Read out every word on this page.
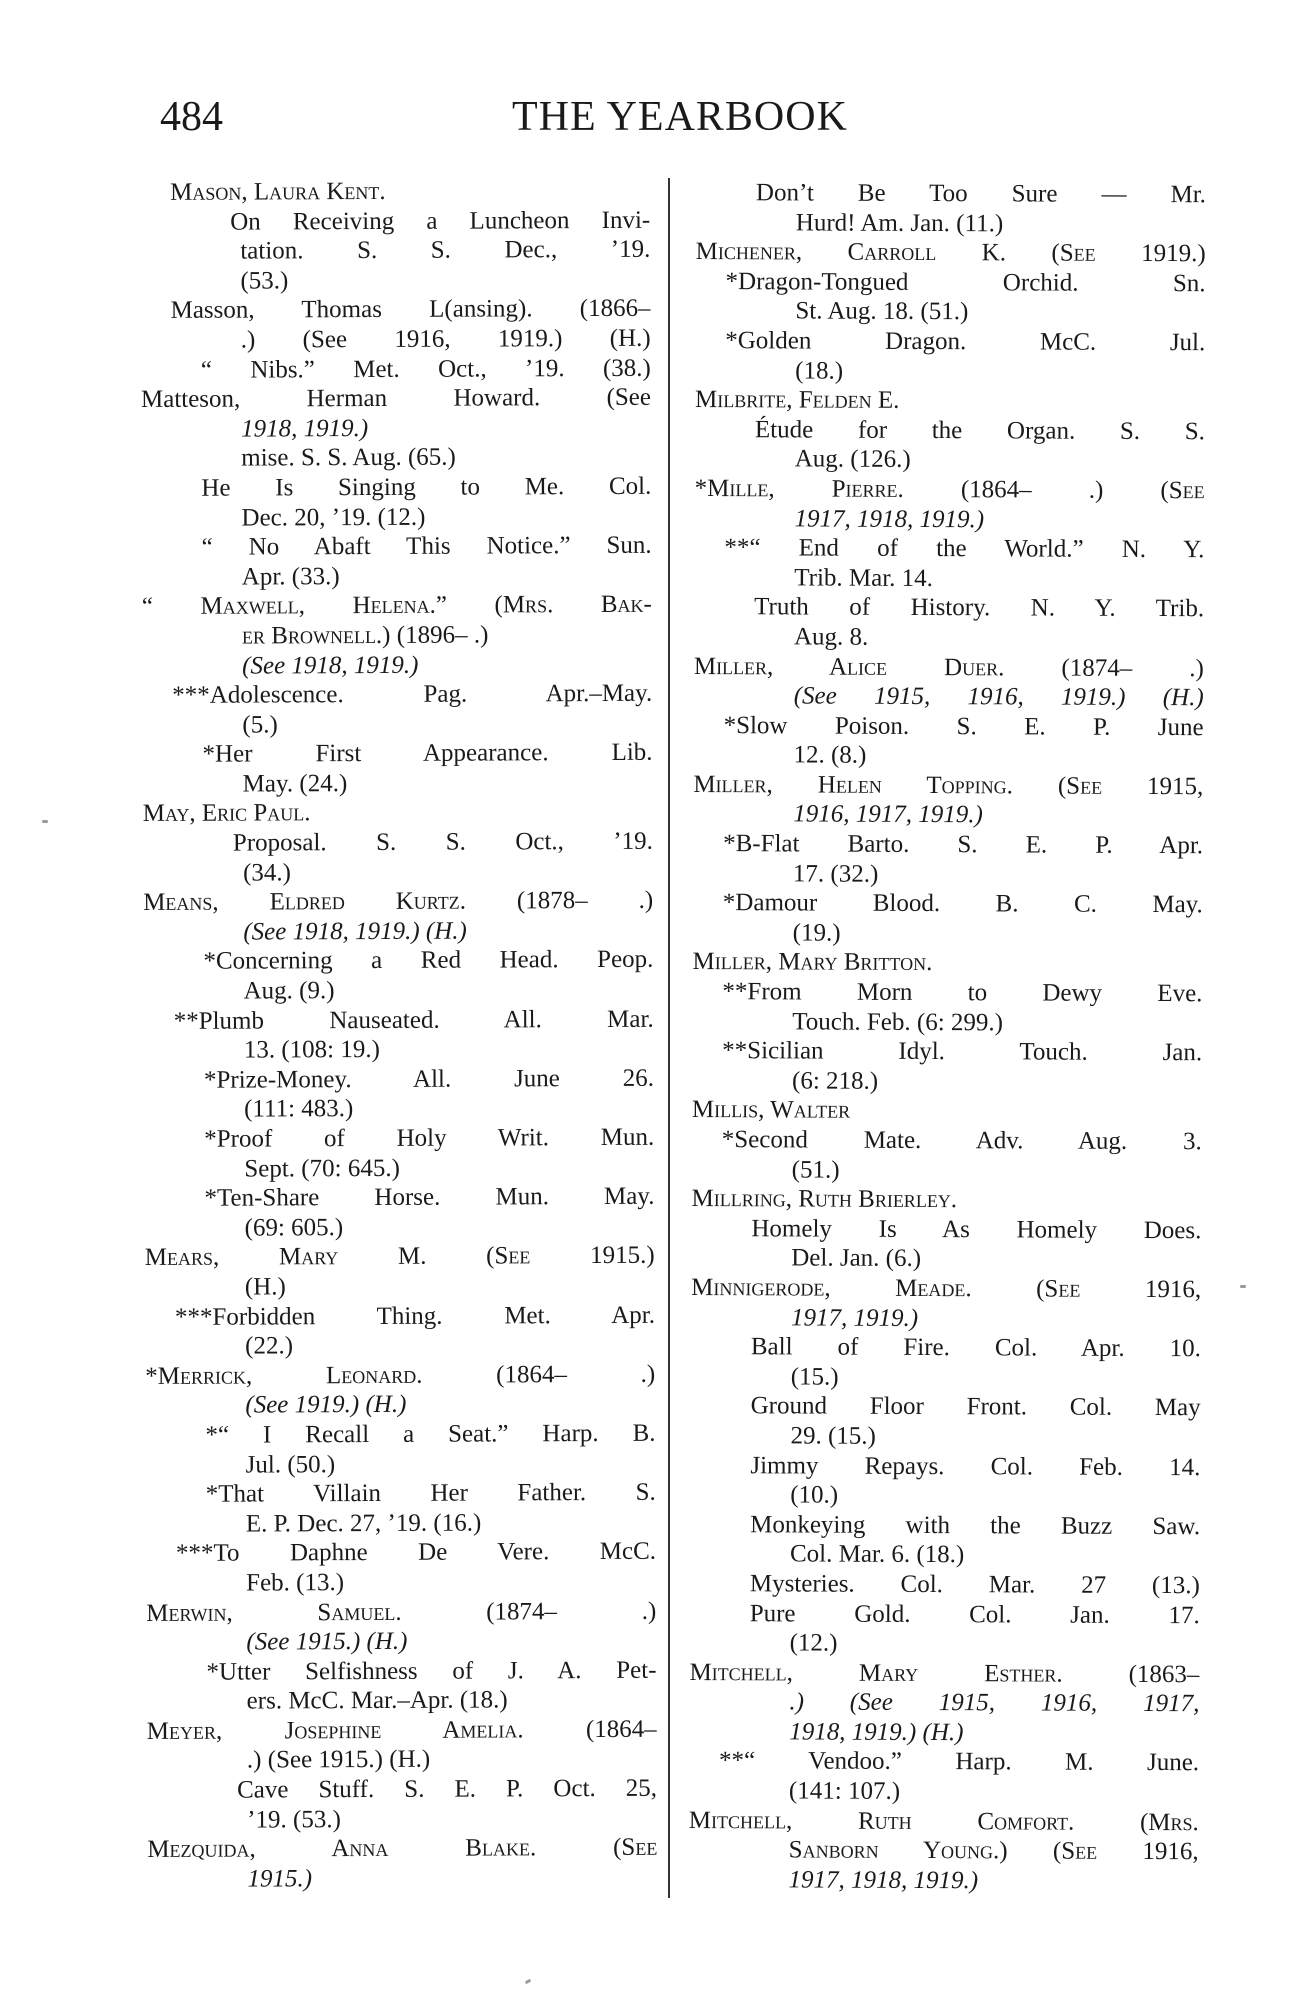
484	THE YEARBOOK
Mason, Laura Kent.
On Receiving a Luncheon Invi-
tation. S. S. Dec., ’19.
(53.)
Masson, Thomas L(ansing). (1866–
.) (See 1916, 1919.) (H.)
“ Nibs.” Met. Oct., ’19. (38.)
Matteson, Herman Howard. (See
1918, 1919.)
mise. S. S. Aug. (65.)
He Is Singing to Me. Col.
Dec. 20, ’19. (12.)
“ No Abaft This Notice.” Sun.
Apr. (33.)
“ Maxwell, Helena.” (Mrs. Bak-
er Brownell.) (1896– .)
(See 1918, 1919.)
***Adolescence. Pag. Apr.–May.
(5.)
*Her First Appearance. Lib.
May. (24.)
May, Eric Paul.
Proposal. S. S. Oct., ’19.
(34.)
Means, Eldred Kurtz. (1878– .)
(See 1918, 1919.) (H.)
*Concerning a Red Head. Peop.
Aug. (9.)
**Plumb Nauseated. All. Mar.
13. (108: 19.)
*Prize-Money. All. June 26.
(111: 483.)
*Proof of Holy Writ. Mun.
Sept. (70: 645.)
*Ten-Share Horse. Mun. May.
(69: 605.)
Mears, Mary M. (See 1915.)
(H.)
***Forbidden Thing. Met. Apr.
(22.)
*Merrick, Leonard. (1864– .)
(See 1919.) (H.)
*“ I Recall a Seat.” Harp. B.
Jul. (50.)
*That Villain Her Father. S.
E. P. Dec. 27, ’19. (16.)
***To Daphne De Vere. McC.
Feb. (13.)
Merwin, Samuel. (1874– .)
(See 1915.) (H.)
*Utter Selfishness of J. A. Pet-
ers. McC. Mar.–Apr. (18.)
Meyer, Josephine Amelia. (1864–
.) (See 1915.) (H.)
Cave Stuff. S. E. P. Oct. 25,
’19. (53.)
Mezquida, Anna Blake. (See
1915.)
Don’t Be Too Sure — Mr.
Hurd! Am. Jan. (11.)
Michener, Carroll K. (See 1919.)
*Dragon-Tongued Orchid. Sn.
St. Aug. 18. (51.)
*Golden Dragon. McC. Jul.
(18.)
Milbrite, Felden E.
Étude for the Organ. S. S.
Aug. (126.)
*Mille, Pierre. (1864– .) (See
1917, 1918, 1919.)
**“ End of the World.” N. Y.
Trib. Mar. 14.
Truth of History. N. Y. Trib.
Aug. 8.
Miller, Alice Duer. (1874– .)
(See 1915, 1916, 1919.) (H.)
*Slow Poison. S. E. P. June
12. (8.)
Miller, Helen Topping. (See 1915,
1916, 1917, 1919.)
*B-Flat Barto. S. E. P. Apr.
17. (32.)
*Damour Blood. B. C. May.
(19.)
Miller, Mary Britton.
**From Morn to Dewy Eve.
Touch. Feb. (6: 299.)
**Sicilian Idyl. Touch. Jan.
(6: 218.)
Millis, Walter
*Second Mate. Adv. Aug. 3.
(51.)
Millring, Ruth Brierley.
Homely Is As Homely Does.
Del. Jan. (6.)
Minnigerode, Meade. (See 1916,
1917, 1919.)
Ball of Fire. Col. Apr. 10.
(15.)
Ground Floor Front. Col. May
29. (15.)
Jimmy Repays. Col. Feb. 14.
(10.)
Monkeying with the Buzz Saw.
Col. Mar. 6. (18.)
Mysteries. Col. Mar. 27 (13.)
Pure Gold. Col. Jan. 17.
(12.)
Mitchell, Mary Esther. (1863–
.) (See 1915, 1916, 1917,
1918, 1919.) (H.)
**“ Vendoo.” Harp. M. June.
(141: 107.)
Mitchell, Ruth Comfort. (Mrs.
Sanborn Young.) (See 1916,
1917, 1918, 1919.)
